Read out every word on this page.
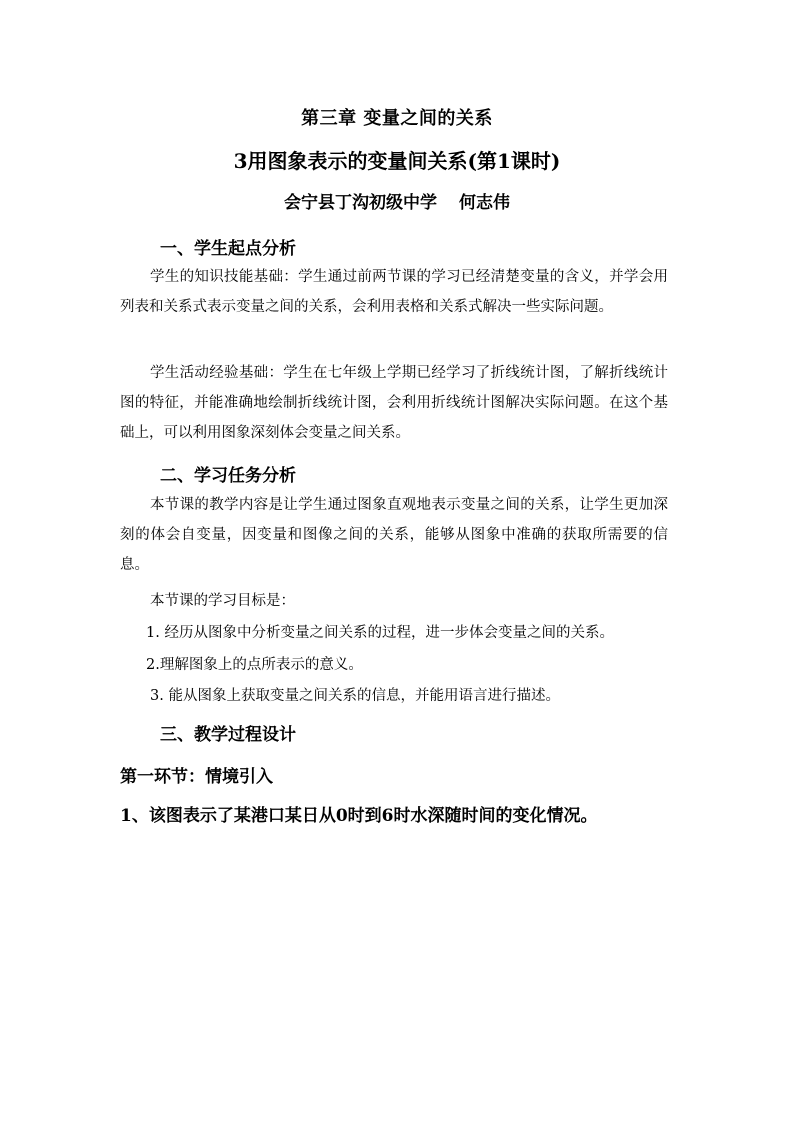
第三章 变量之间的关系
3用图象表示的变量间关系(第1课时)
会宁县丁沟初级中学 何志伟
一、学生起点分析

学生的知识技能基础：学生通过前两节课的学习已经清楚变量的含义，并学会用列表和关系式表示变量之间的关系，会利用表格和关系式解决一些实际问题。

学生活动经验基础：学生在七年级上学期已经学习了折线统计图，了解折线统计图的特征，并能准确地绘制折线统计图，会利用折线统计图解决实际问题。在这个基础上，可以利用图象深刻体会变量之间关系。

二、学习任务分析

本节课的教学内容是让学生通过图象直观地表示变量之间的关系，让学生更加深刻的体会自变量，因变量和图像之间的关系，能够从图象中准确的获取所需要的信息。

本节课的学习目标是：
1. 经历从图象中分析变量之间关系的过程，进一步体会变量之间的关系。
2.理解图象上的点所表示的意义。
3. 能从图象上获取变量之间关系的信息，并能用语言进行描述。
三、教学过程设计
第一环节：情境引入
1、该图表示了某港口某日从0时到6时水深随时间的变化情况。
